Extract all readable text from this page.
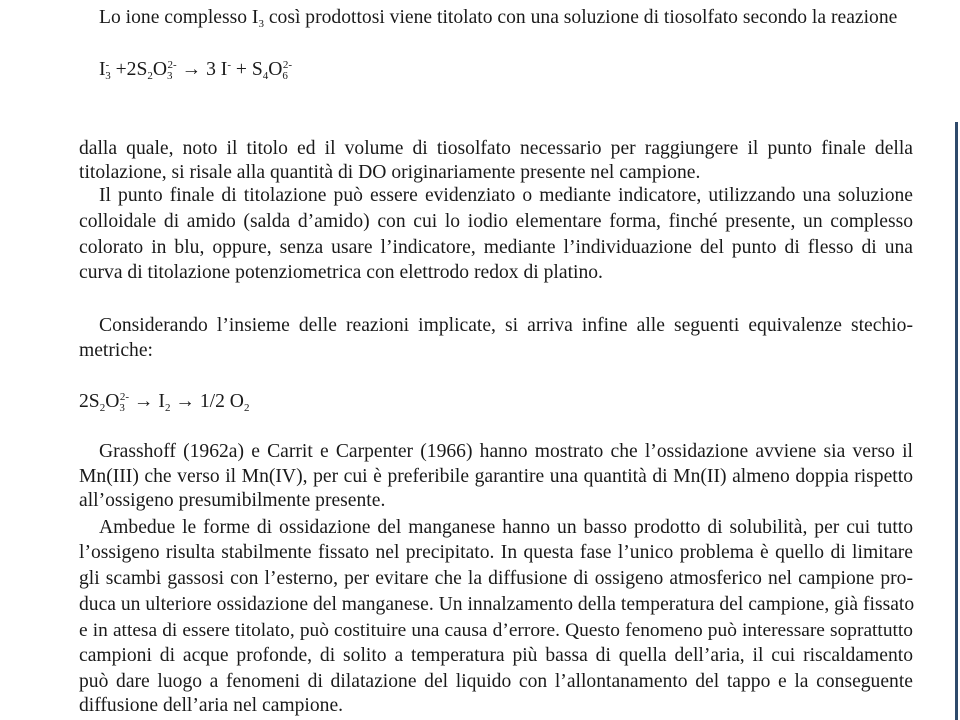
Lo ione complesso $I_3$ così prodottosi viene titolato con una soluzione di tiosolfato secondo la reazione
$I^-_3 +2S_2O_3^{2-} \to 3$ $I^- + S_4O_6^{2-}$
dalla quale, noto il titolo ed il volume di tiosolfato necessario per raggiungere il punto finale della
titolazione, si risale alla quantità di DO originariamente presente nel campione.
Il punto finale di titolazione può essere evidenziato o mediante indicatore, utilizzando una soluzione
colloidale di amido (salda d’amido) con cui lo iodio elementare forma, finché presente, un complesso
colorato in blu, oppure, senza usare l’indicatore, mediante l’individuazione del punto di flesso di una
curva di titolazione potenziometrica con elettrodo redox di platino.
Considerando l’insieme delle reazioni implicate, si arriva infine alle seguenti equivalenze stechio-
metriche:
$2S_2O_3^{2-} \to I_2 \to 1/2$ $O_2$
Grasshoff (1962a) e Carrit e Carpenter (1966) hanno mostrato che l’ossidazione avviene sia verso il
Mn(III) che verso il Mn(IV), per cui è preferibile garantire una quantità di Mn(II) almeno doppia rispetto
all’ossigeno presumibilmente presente.
Ambedue le forme di ossidazione del manganese hanno un basso prodotto di solubilità, per cui tutto
l’ossigeno risulta stabilmente fissato nel precipitato. In questa fase l’unico problema è quello di limitare
gli scambi gassosi con l’esterno, per evitare che la diffusione di ossigeno atmosferico nel campione pro-
duca un ulteriore ossidazione del manganese. Un innalzamento della temperatura del campione, già fissato
e in attesa di essere titolato, può costituire una causa d’errore. Questo fenomeno può interessare soprattutto
campioni di acque profonde, di solito a temperatura più bassa di quella dell’aria, il cui riscaldamento
può dare luogo a fenomeni di dilatazione del liquido con l’allontanamento del tappo e la conseguente
diffusione dell’aria nel campione.
